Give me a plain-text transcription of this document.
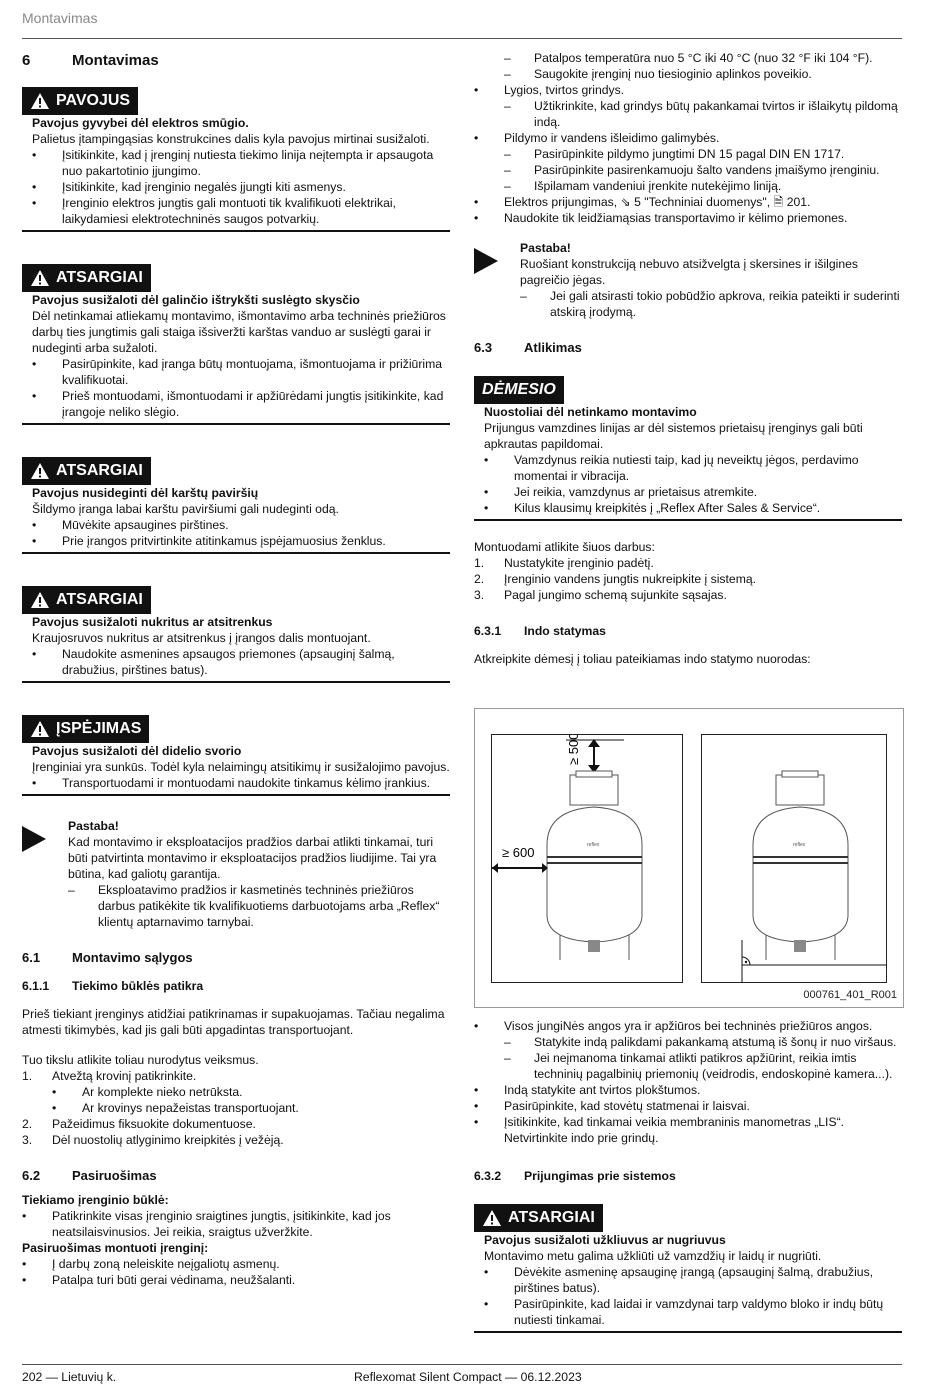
Montavimas
6	Montavimas
PAVOJUS
Pavojus gyvybei dėl elektros smūgio.
Palietus įtampingąsias konstrukcines dalis kyla pavojus mirtinai susižaloti.
•	Įsitikinkite, kad į įrenginį nutiesta tiekimo linija neįtempta ir apsaugota nuo pakartotinio įjungimo.
•	Įsitikinkite, kad įrenginio negalės įjungti kiti asmenys.
•	Įrenginio elektros jungtis gali montuoti tik kvalifikuoti elektrikai, laikydamiesi elektrotechninės saugos potvarkių.
ATSARGIAI
Pavojus susižaloti dėl galinčio ištrykšti suslėgto skysčio
Dėl netinkamai atliekamų montavimo, išmontavimo arba techninės priežiūros darbų ties jungtimis gali staiga išsiveržti karštas vanduo ar suslėgti garai ir nudeginti arba sužaloti.
•	Pasirūpinkite, kad įranga būtų montuojama, išmontuojama ir prižiūrima kvalifikuotai.
•	Prieš montuodami, išmontuodami ir apžiūrėdami jungtis įsitikinkite, kad įrangoje neliko slėgio.
ATSARGIAI
Pavojus nusideginti dėl karštų paviršių
Šildymo įranga labai karštu paviršiumi gali nudeginti odą.
•	Mūvėkite apsaugines pirštines.
•	Prie įrangos pritvirtinkite atitinkamus įspėjamuosius ženklus.
ATSARGIAI
Pavojus susižaloti nukritus ar atsitrenkus
Kraujosruvos nukritus ar atsitrenkus į įrangos dalis montuojant.
•	Naudokite asmenines apsaugos priemones (apsauginį šalmą, drabužius, pirštines batus).
ĮSPĖJIMAS
Pavojus susižaloti dėl didelio svorio
Įrenginiai yra sunkūs. Todėl kyla nelaimingų atsitikimų ir susižalojimo pavojus.
•	Transportuodami ir montuodami naudokite tinkamus kėlimo įrankius.
Pastaba!
Kad montavimo ir eksploatacijos pradžios darbai atlikti tinkamai, turi būti patvirtinta montavimo ir eksploatacijos pradžios liudijime. Tai yra būtina, kad galiotų garantija.
–	Eksploatavimo pradžios ir kasmetinės techninės priežiūros darbus patikėkite tik kvalifikuotiems darbuotojams arba „Reflex“ klientų aptarnavimo tarnybai.
6.1	Montavimo sąlygos
6.1.1	Tiekimo būklės patikra
Prieš tiekiant įrenginys atidžiai patikrinamas ir supakuojamas. Tačiau negalima atmesti tikimybės, kad jis gali būti apgadintas transportuojant.
Tuo tikslu atlikite toliau nurodytus veiksmus.
1.	Atvežtą krovinį patikrinkite.
•	Ar komplekte nieko netrūksta.
•	Ar krovinys nepažeistas transportuojant.
2.	Pažeidimus fiksuokite dokumentuose.
3.	Dėl nuostolių atlyginimo kreipkitės į vežėją.
6.2	Pasiruošimas
Tiekiamo įrenginio būklė:
•	Patikrinkite visas įrenginio sraigtines jungtis, įsitikinkite, kad jos neatsilaisvinusios. Jei reikia, sraigtus užveržkite.
Pasiruošimas montuoti įrenginį:
•	Į darbų zoną neleiskite neįgaliotų asmenų.
•	Patalpa turi būti gerai vėdinama, neužšalanti.
–	Patalpos temperatūra nuo 5 °C iki 40 °C (nuo 32 °F iki 104 °F).
–	Saugokite įrenginį nuo tiesioginio aplinkos poveikio.
•	Lygios, tvirtos grindys.
–	Užtikrinkite, kad grindys būtų pakankamai tvirtos ir išlaikytų pildomą indą.
•	Pildymo ir vandens išleidimo galimybės.
–	Pasirūpinkite pildymo jungtimi DN 15 pagal DIN EN 1717.
–	Pasirūpinkite pasirenkamuoju šalto vandens įmaišymo įrenginiu.
–	Išpilamam vandeniui įrenkite nutekėjimo liniją.
•	Elektros prijungimas, ⇘ 5 "Techniniai duomenys", 🗎 201.
•	Naudokite tik leidžiamąsias transportavimo ir kėlimo priemones.
Pastaba!
Ruošiant konstrukciją nebuvo atsižvelgta į skersines ir išilgines pagreičio jėgas.
–	Jei gali atsirasti tokio pobūdžio apkrova, reikia pateikti ir suderinti atskirą įrodymą.
6.3	Atlikimas
DĖMESIO
Nuostoliai dėl netinkamo montavimo
Prijungus vamzdines linijas ar dėl sistemos prietaisų įrenginys gali būti apkrautas papildomai.
•	Vamzdynus reikia nutiesti taip, kad jų neveiktų jėgos, perdavimo momentai ir vibracija.
•	Jei reikia, vamzdynus ar prietaisus atremkite.
•	Kilus klausimų kreipkitės į „Reflex After Sales & Service“.
Montuodami atlikite šiuos darbus:
1.	Nustatykite įrenginio padėtį.
2.	Įrenginio vandens jungtis nukreipkite į sistemą.
3.	Pagal jungimo schemą sujunkite sąsajas.
6.3.1	Indo statymas
Atkreipkite dėmesį į toliau pateikiamas indo statymo nuorodas:
≥ 500
reflex
≥ 600	reflex
000761_401_R001
•	Visos jungiNės angos yra ir apžiūros bei techninės priežiūros angos.
–	Statykite indą palikdami pakankamą atstumą iš šonų ir nuo viršaus.
–	Jei neįmanoma tinkamai atlikti patikros apžiūrint, reikia imtis techninių pagalbinių priemonių (veidrodis, endoskopinė kamera...).
•	Indą statykite ant tvirtos plokštumos.
•	Pasirūpinkite, kad stovėtų statmenai ir laisvai.
•	Įsitikinkite, kad tinkamai veikia membraninis manometras „LIS“. Netvirtinkite indo prie grindų.
6.3.2	Prijungimas prie sistemos
ATSARGIAI
Pavojus susižaloti užkliuvus ar nugriuvus
Montavimo metu galima užkliūti už vamzdžių ir laidų ir nugriūti.
•	Dėvėkite asmeninę apsauginę įrangą (apsauginį šalmą, drabužius, pirštines batus).
•	Pasirūpinkite, kad laidai ir vamzdynai tarp valdymo bloko ir indų būtų nutiesti tinkamai.
202 — Lietuvių k.	Reflexomat Silent Compact — 06.12.2023
